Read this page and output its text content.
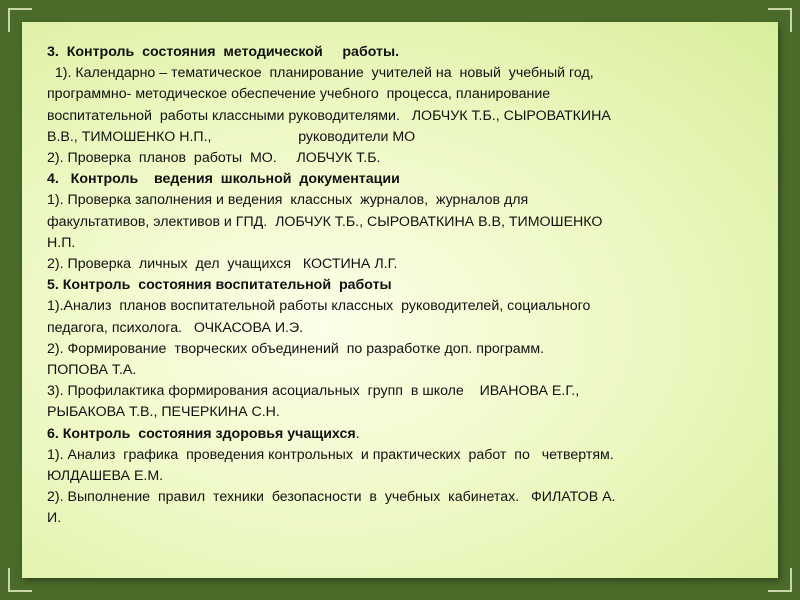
3.  Контроль  состояния  методической     работы.
1). Календарно – тематическое  планирование  учителей на  новый  учебный год,
программно- методическое обеспечение учебного  процесса, планирование
воспитательной  работы классными руководителями.   ЛОБЧУК Т.Б., СЫРОВАТКИНА
В.В., ТИМОШЕНКО Н.П.,                      руководители МО
2). Проверка  планов  работы  МО.     ЛОБЧУК Т.Б.
4.   Контроль    ведения  школьной  документации
1). Проверка заполнения и ведения  классных  журналов,  журналов для
факультативов, элективов и ГПД.  ЛОБЧУК Т.Б., СЫРОВАТКИНА В.В, ТИМОШЕНКО
Н.П.
2). Проверка  личных  дел  учащихся   КОСТИНА Л.Г.
5. Контроль  состояния воспитательной  работы
1).Анализ  планов воспитательной работы классных  руководителей, социального
педагога, психолога.   ОЧКАСОВА И.Э.
2). Формирование  творческих объединений  по разработке доп. программ.
ПОПОВА Т.А.
3). Профилактика формирования асоциальных  групп  в школе    ИВАНОВА Е.Г.,
РЫБАКОВА Т.В., ПЕЧЕРКИНА С.Н.
6. Контроль  состояния здоровья учащихся.
1). Анализ  графика  проведения контрольных  и практических  работ  по   четвертям.
ЮЛДАШЕВА Е.М.
2). Выполнение  правил  техники  безопасности  в  учебных  кабинетах.   ФИЛАТОВ А.
И.
